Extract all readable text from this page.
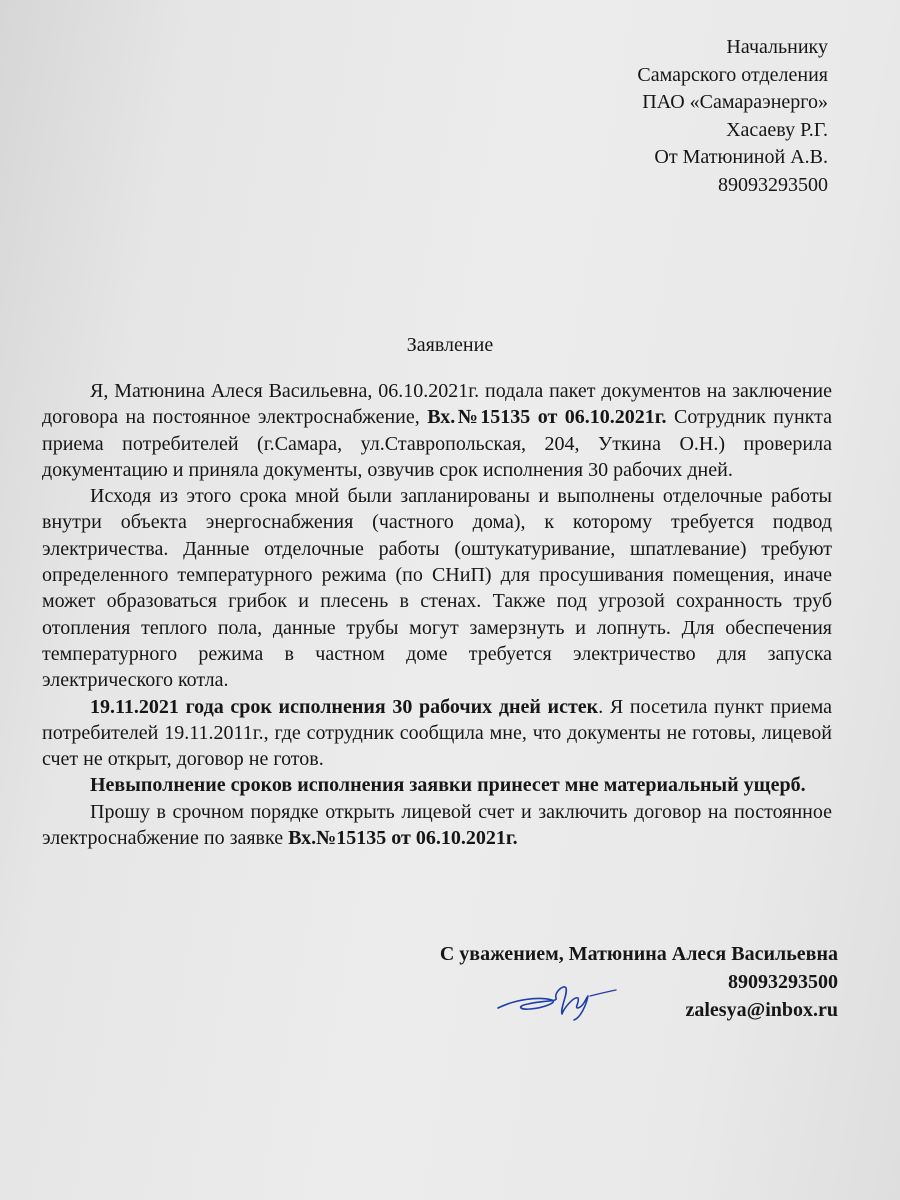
Начальнику
Самарского отделения
ПАО «Самараэнерго»
Хасаеву Р.Г.
От Матюниной А.В.
89093293500
Заявление

Я, Матюнина Алеся Васильевна, 06.10.2021г. подала пакет документов на заключение договора на постоянное электроснабжение, Вх.№15135 от 06.10.2021г. Сотрудник пункта приема потребителей (г.Самара, ул.Ставропольская, 204, Уткина О.Н.) проверила документацию и приняла документы, озвучив срок исполнения 30 рабочих дней.

Исходя из этого срока мной были запланированы и выполнены отделочные работы внутри объекта энергоснабжения (частного дома), к которому требуется подвод электричества. Данные отделочные работы (оштукатуривание, шпатлевание) требуют определенного температурного режима (по СНиП) для просушивания помещения, иначе может образоваться грибок и плесень в стенах. Также под угрозой сохранность труб отопления теплого пола, данные трубы могут замерзнуть и лопнуть. Для обеспечения температурного режима в частном доме требуется электричество для запуска электрического котла.

19.11.2021 года срок исполнения 30 рабочих дней истек. Я посетила пункт приема потребителей 19.11.2011г., где сотрудник сообщила мне, что документы не готовы, лицевой счет не открыт, договор не готов.

Невыполнение сроков исполнения заявки принесет мне материальный ущерб.

Прошу в срочном порядке открыть лицевой счет и заключить договор на постоянное электроснабжение по заявке Вх.№15135 от 06.10.2021г.

С уважением, Матюнина Алеся Васильевна
89093293500
zalesya@inbox.ru
